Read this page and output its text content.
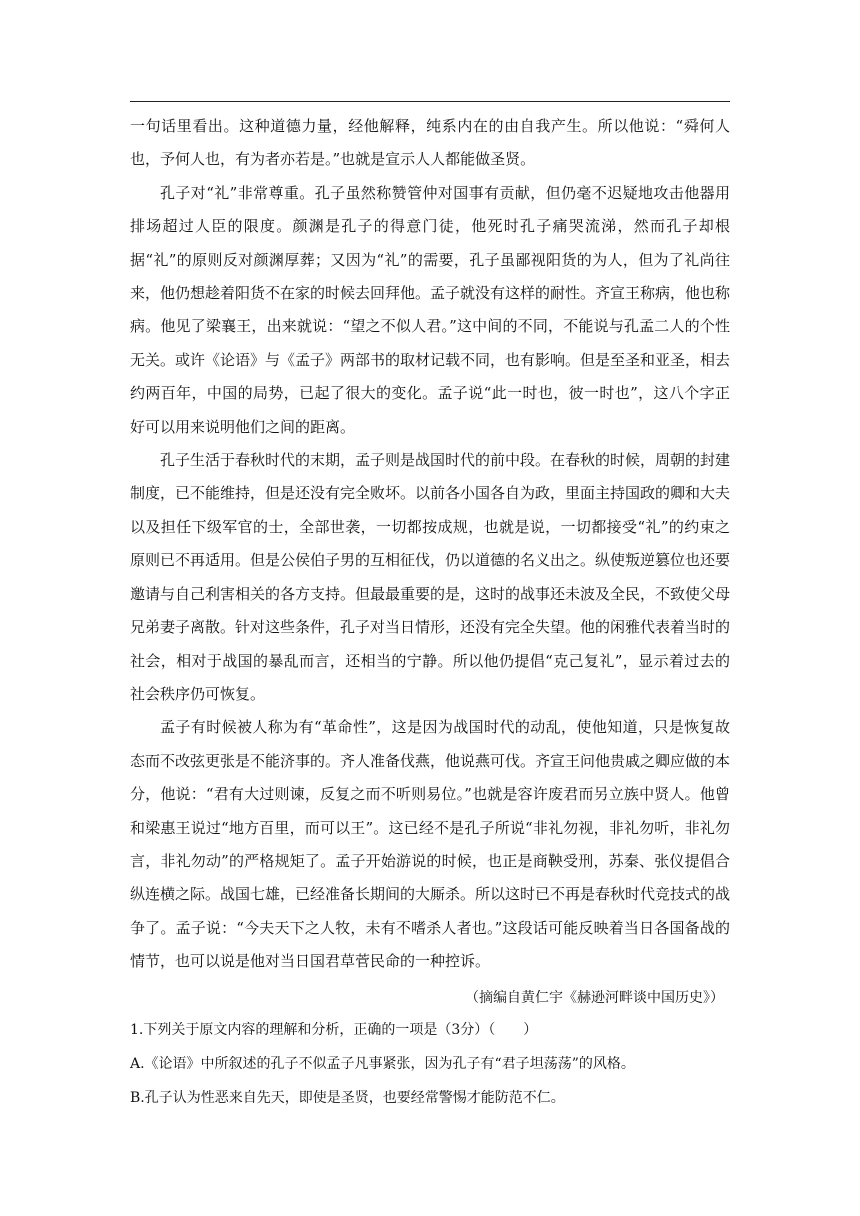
一句话里看出。这种道德力量，经他解释，纯系内在的由自我产生。所以他说：“舜何人也，予何人也，有为者亦若是。”也就是宣示人人都能做圣贤。

孔子对“礼”非常尊重。孔子虽然称赞管仲对国事有贡献，但仍毫不迟疑地攻击他器用排场超过人臣的限度。颜渊是孔子的得意门徒，他死时孔子痛哭流涕，然而孔子却根据“礼”的原则反对颜渊厚葬；又因为“礼”的需要，孔子虽鄙视阳货的为人，但为了礼尚往来，他仍想趁着阳货不在家的时候去回拜他。孟子就没有这样的耐性。齐宣王称病，他也称病。他见了梁襄王，出来就说：“望之不似人君。”这中间的不同，不能说与孔孟二人的个性无关。或许《论语》与《孟子》两部书的取材记载不同，也有影响。但是至圣和亚圣，相去约两百年，中国的局势，已起了很大的变化。孟子说“此一时也，彼一时也”，这八个字正好可以用来说明他们之间的距离。

孔子生活于春秋时代的末期，孟子则是战国时代的前中段。在春秋的时候，周朝的封建制度，已不能维持，但是还没有完全败坏。以前各小国各自为政，里面主持国政的卿和大夫以及担任下级军官的士，全部世袭，一切都按成规，也就是说，一切都接受“礼”的约束之原则已不再适用。但是公侯伯子男的互相征伐，仍以道德的名义出之。纵使叛逆篡位也还要邀请与自己利害相关的各方支持。但最最重要的是，这时的战事还未波及全民，不致使父母兄弟妻子离散。针对这些条件，孔子对当日情形，还没有完全失望。他的闲雅代表着当时的社会，相对于战国的暴乱而言，还相当的宁静。所以他仍提倡“克己复礼”，显示着过去的社会秩序仍可恢复。

孟子有时候被人称为有“革命性”，这是因为战国时代的动乱，使他知道，只是恢复故态而不改弦更张是不能济事的。齐人准备伐燕，他说燕可伐。齐宣王问他贵戚之卿应做的本分，他说：“君有大过则谏，反复之而不听则易位。”也就是容许废君而另立族中贤人。他曾和梁惠王说过“地方百里，而可以王”。这已经不是孔子所说“非礼勿视，非礼勿听，非礼勿言，非礼勿动”的严格规矩了。孟子开始游说的时候，也正是商鞅受刑，苏秦、张仪提倡合纵连横之际。战国七雄，已经准备长期间的大厮杀。所以这时已不再是春秋时代竞技式的战争了。孟子说：“今夫天下之人牧，未有不嗜杀人者也。”这段话可能反映着当日各国备战的情节，也可以说是他对当日国君草菅民命的一种控诉。

（摘编自黄仁宇《赫逊河畔谈中国历史》）

1.下列关于原文内容的理解和分析，正确的一项是（3分）（　　）

A.《论语》中所叙述的孔子不似孟子凡事紧张，因为孔子有“君子坦荡荡”的风格。

B.孔子认为性恶来自先天，即使是圣贤，也要经常警惕才能防范不仁。
